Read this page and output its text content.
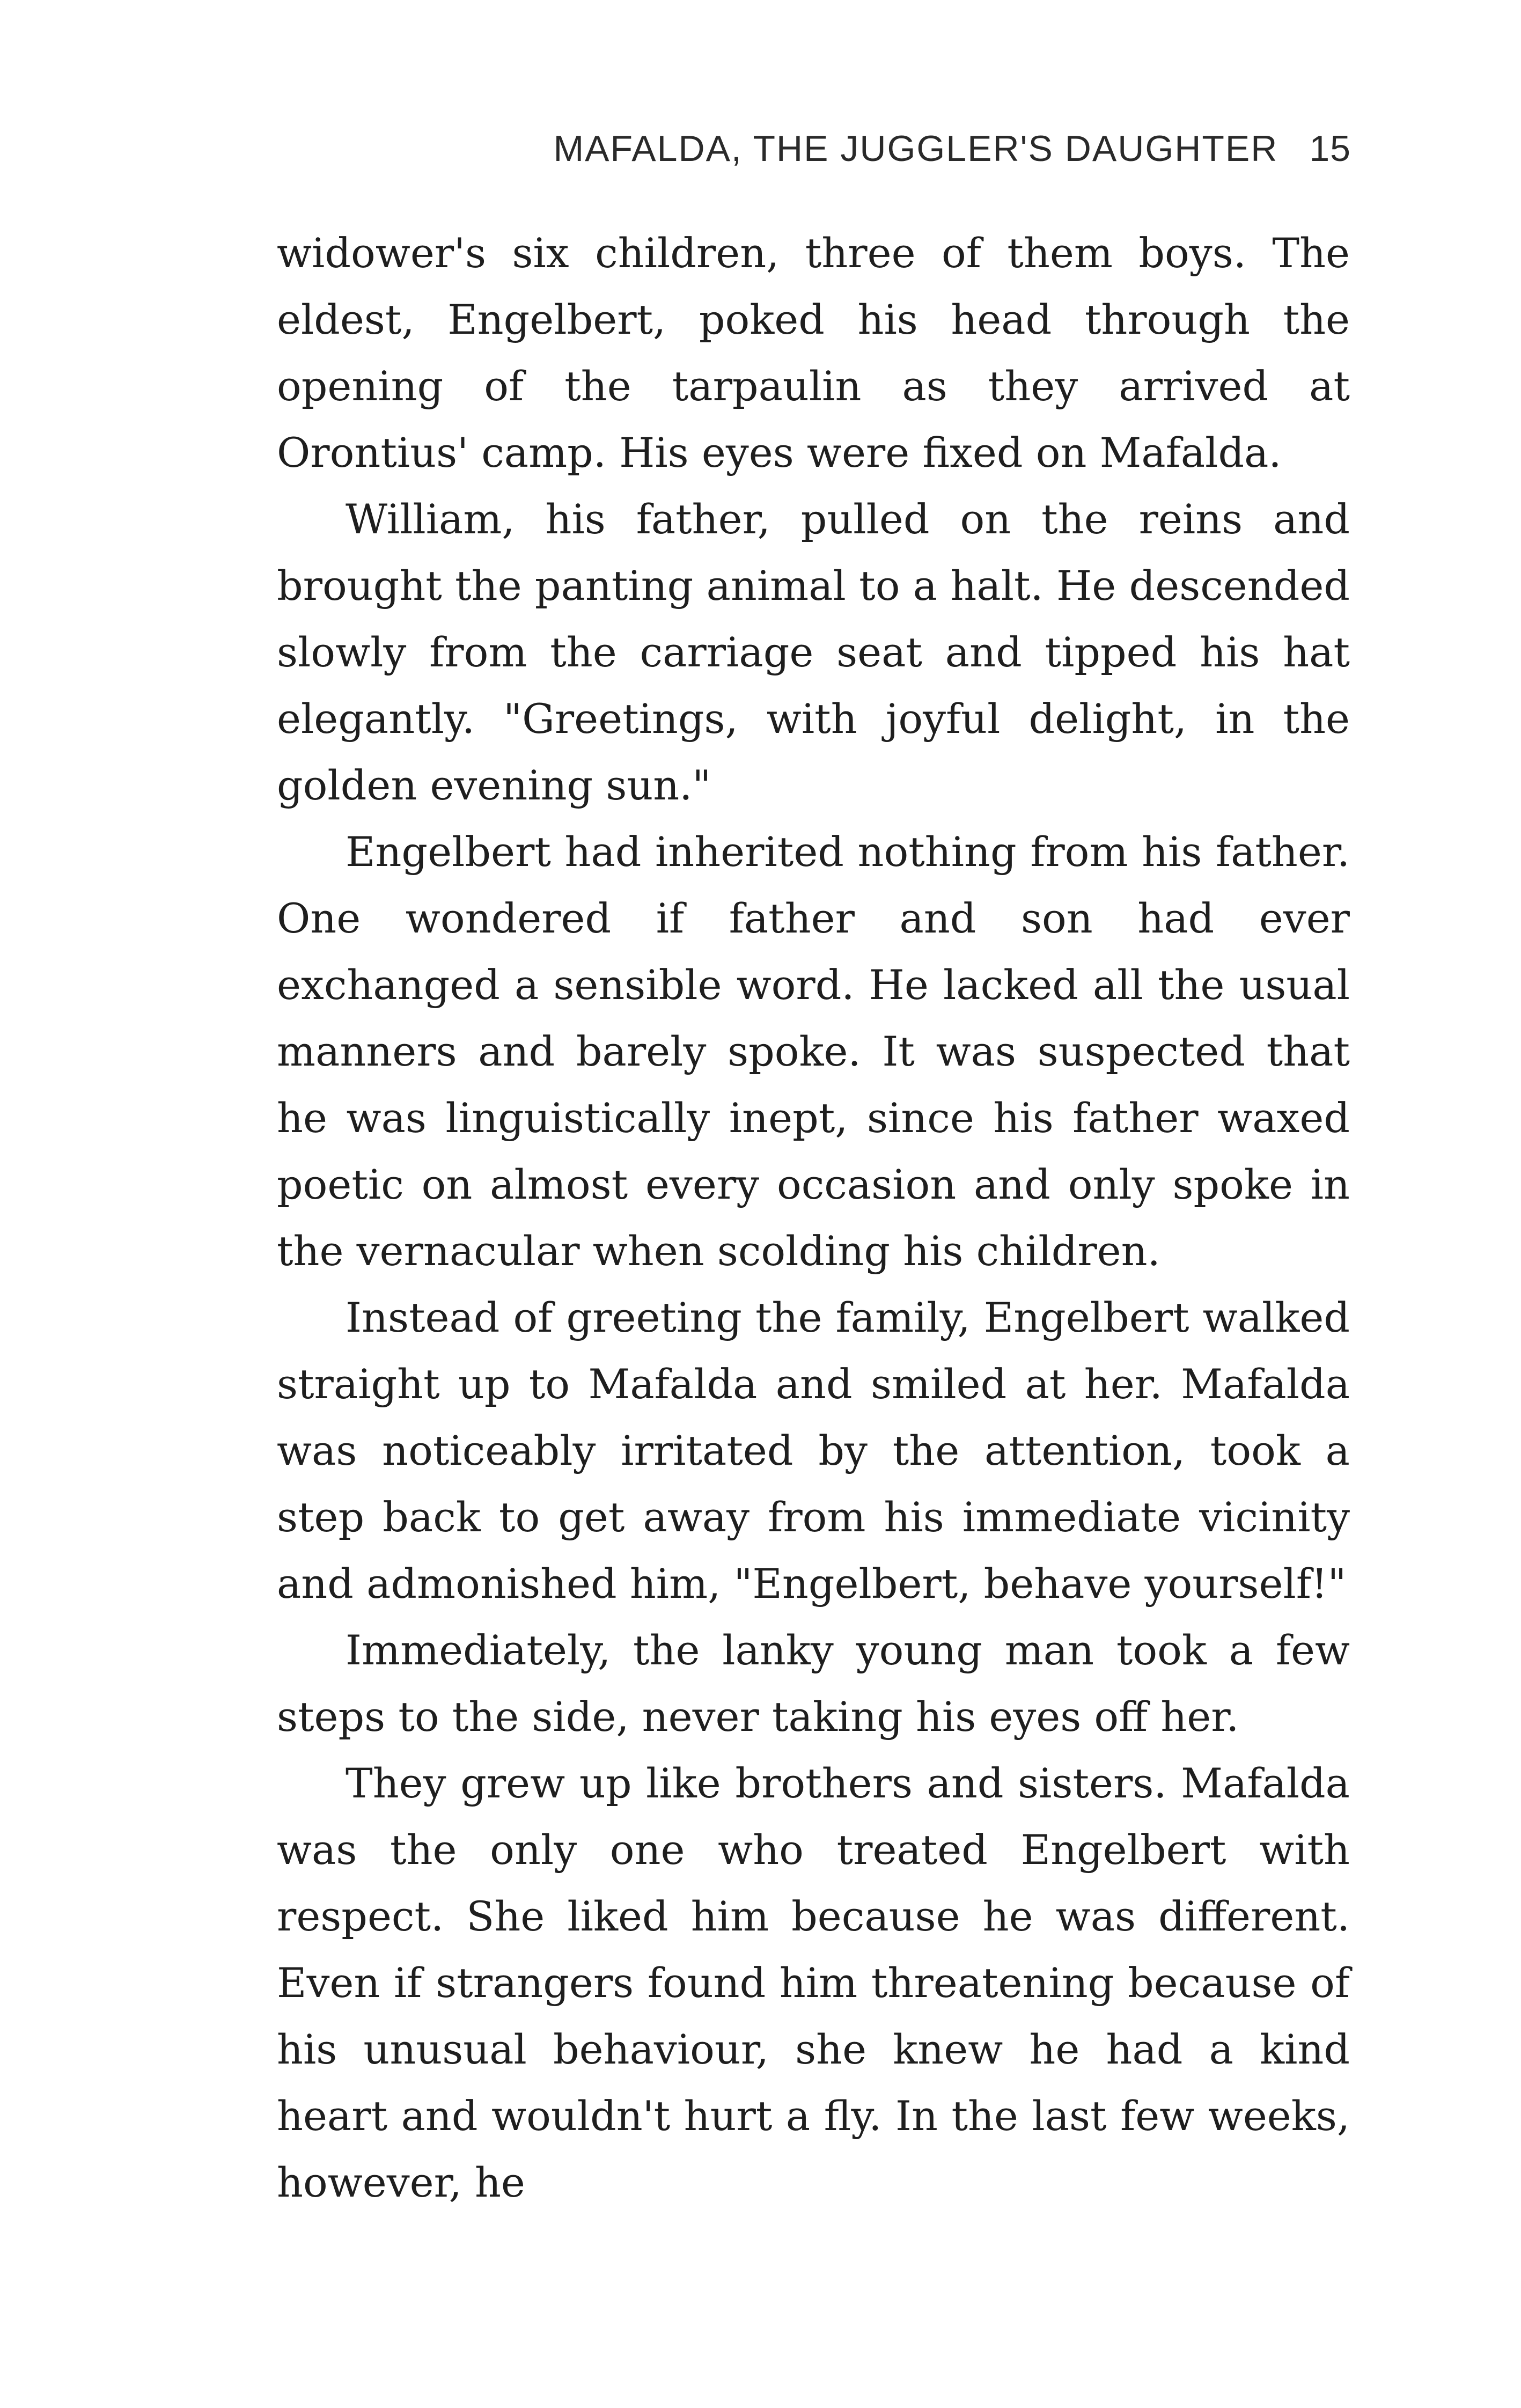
MAFALDA, THE JUGGLER'S DAUGHTER 15

widower's six children, three of them boys. The eldest, Engelbert, poked his head through the opening of the tarpaulin as they arrived at Orontius' camp. His eyes were fixed on Mafalda.

William, his father, pulled on the reins and brought the panting animal to a halt. He descended slowly from the carriage seat and tipped his hat elegantly. "Greetings, with joyful delight, in the golden evening sun."

Engelbert had inherited nothing from his father. One wondered if father and son had ever exchanged a sensible word. He lacked all the usual manners and barely spoke. It was suspected that he was linguistically inept, since his father waxed poetic on almost every occasion and only spoke in the vernacular when scolding his children.

Instead of greeting the family, Engelbert walked straight up to Mafalda and smiled at her. Mafalda was noticeably irritated by the attention, took a step back to get away from his immediate vicinity and admonished him, "Engelbert, behave yourself!"

Immediately, the lanky young man took a few steps to the side, never taking his eyes off her.

They grew up like brothers and sisters. Mafalda was the only one who treated Engelbert with respect. She liked him because he was different. Even if strangers found him threatening because of his unusual behaviour, she knew he had a kind heart and wouldn't hurt a fly. In the last few weeks, however, he
